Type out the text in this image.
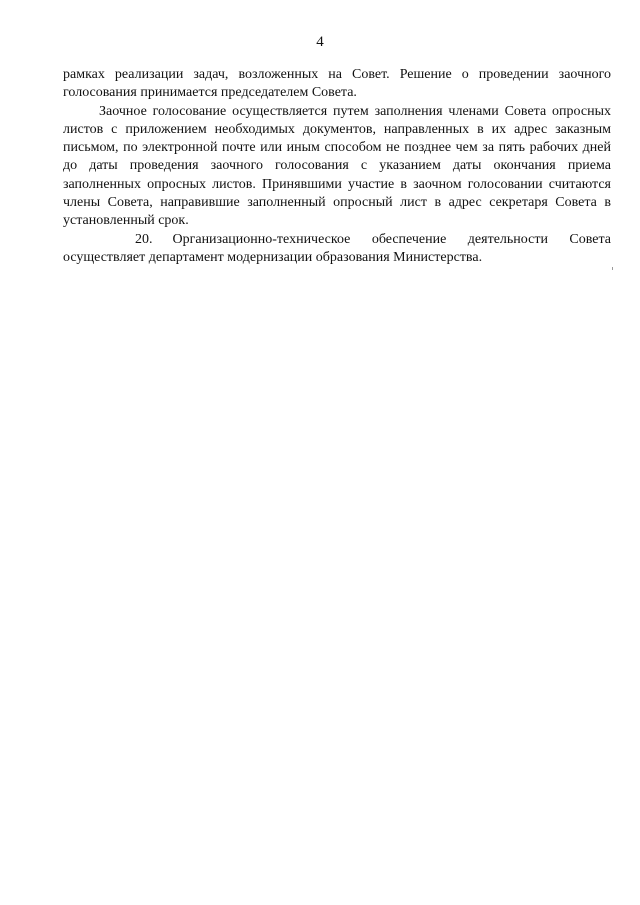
4

рамках реализации задач, возложенных на Совет. Решение о проведении заочного голосования принимается председателем Совета.

Заочное голосование осуществляется путем заполнения членами Совета опросных листов с приложением необходимых документов, направленных в их адрес заказным письмом, по электронной почте или иным способом не позднее чем за пять рабочих дней до даты проведения заочного голосования с указанием даты окончания приема заполненных опросных листов. Принявшими участие в заочном голосовании считаются члены Совета, направившие заполненный опросный лист в адрес секретаря Совета в установленный срок.

20. Организационно-техническое обеспечение деятельности Совета осуществляет департамент модернизации образования Министерства.
